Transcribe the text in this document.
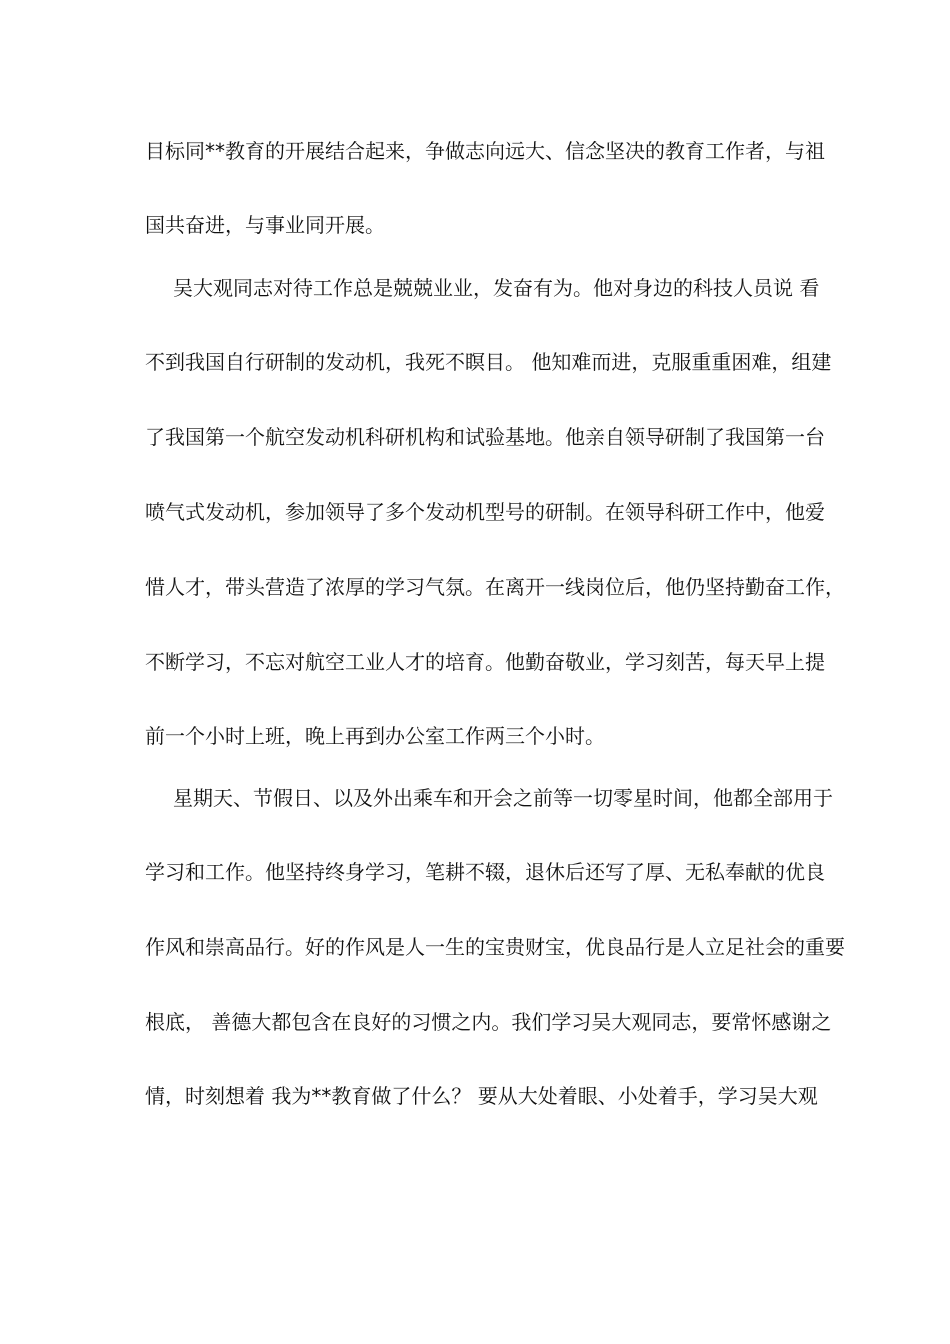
目标同**教育的开展结合起来，争做志向远大、信念坚决的教育工作者，与祖
国共奋进，与事业同开展。
吴大观同志对待工作总是兢兢业业，发奋有为。他对身边的科技人员说 看
不到我国自行研制的发动机，我死不瞑目。 他知难而进，克服重重困难，组建
了我国第一个航空发动机科研机构和试验基地。他亲自领导研制了我国第一台
喷气式发动机，参加领导了多个发动机型号的研制。在领导科研工作中，他爱
惜人才，带头营造了浓厚的学习气氛。在离开一线岗位后，他仍坚持勤奋工作，
不断学习，不忘对航空工业人才的培育。他勤奋敬业，学习刻苦，每天早上提
前一个小时上班，晚上再到办公室工作两三个小时。
星期天、节假日、以及外出乘车和开会之前等一切零星时间，他都全部用于
学习和工作。他坚持终身学习，笔耕不辍，退休后还写了厚、无私奉献的优良
作风和崇高品行。好的作风是人一生的宝贵财宝，优良品行是人立足社会的重要
根底， 善德大都包含在良好的习惯之内。我们学习吴大观同志，要常怀感谢之
情，时刻想着 我为**教育做了什么？ 要从大处着眼、小处着手，学习吴大观
